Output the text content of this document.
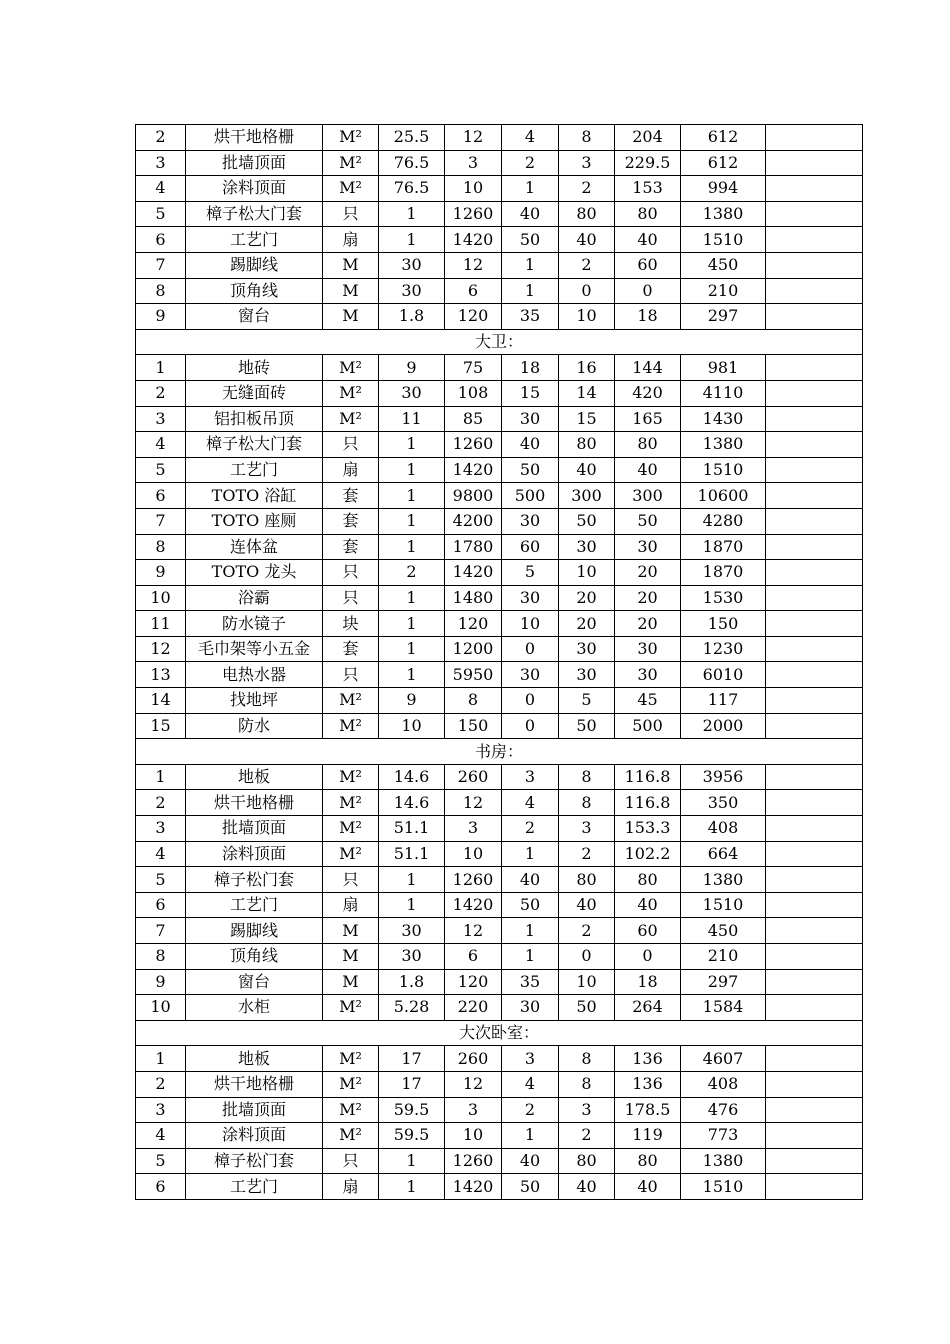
2	烘干地格栅	M²	25.5	12	4	8	204	612	
3	批墙顶面	M²	76.5	3	2	3	229.5	612	
4	涂料顶面	M²	76.5	10	1	2	153	994	
5	樟子松大门套	只	1	1260	40	80	80	1380	
6	工艺门	扇	1	1420	50	40	40	1510	
7	踢脚线	M	30	12	1	2	60	450	
8	顶角线	M	30	6	1	0	0	210	
9	窗台	M	1.8	120	35	10	18	297	
大卫：									
1	地砖	M²	9	75	18	16	144	981	
2	无缝面砖	M²	30	108	15	14	420	4110	
3	铝扣板吊顶	M²	11	85	30	15	165	1430	
4	樟子松大门套	只	1	1260	40	80	80	1380	
5	工艺门	扇	1	1420	50	40	40	1510	
6	TOTO 浴缸	套	1	9800	500	300	300	10600	
7	TOTO 座厕	套	1	4200	30	50	50	4280	
8	连体盆	套	1	1780	60	30	30	1870	
9	TOTO 龙头	只	2	1420	5	10	20	1870	
10	浴霸	只	1	1480	30	20	20	1530	
11	防水镜子	块	1	120	10	20	20	150	
12	毛巾架等小五金	套	1	1200	0	30	30	1230	
13	电热水器	只	1	5950	30	30	30	6010	
14	找地坪	M²	9	8	0	5	45	117	
15	防水	M²	10	150	0	50	500	2000	
书房：									
1	地板	M²	14.6	260	3	8	116.8	3956	
2	烘干地格栅	M²	14.6	12	4	8	116.8	350	
3	批墙顶面	M²	51.1	3	2	3	153.3	408	
4	涂料顶面	M²	51.1	10	1	2	102.2	664	
5	樟子松门套	只	1	1260	40	80	80	1380	
6	工艺门	扇	1	1420	50	40	40	1510	
7	踢脚线	M	30	12	1	2	60	450	
8	顶角线	M	30	6	1	0	0	210	
9	窗台	M	1.8	120	35	10	18	297	
10	水柜	M²	5.28	220	30	50	264	1584	
大次卧室：									
1	地板	M²	17	260	3	8	136	4607	
2	烘干地格栅	M²	17	12	4	8	136	408	
3	批墙顶面	M²	59.5	3	2	3	178.5	476	
4	涂料顶面	M²	59.5	10	1	2	119	773	
5	樟子松门套	只	1	1260	40	80	80	1380	
6	工艺门	扇	1	1420	50	40	40	1510	
